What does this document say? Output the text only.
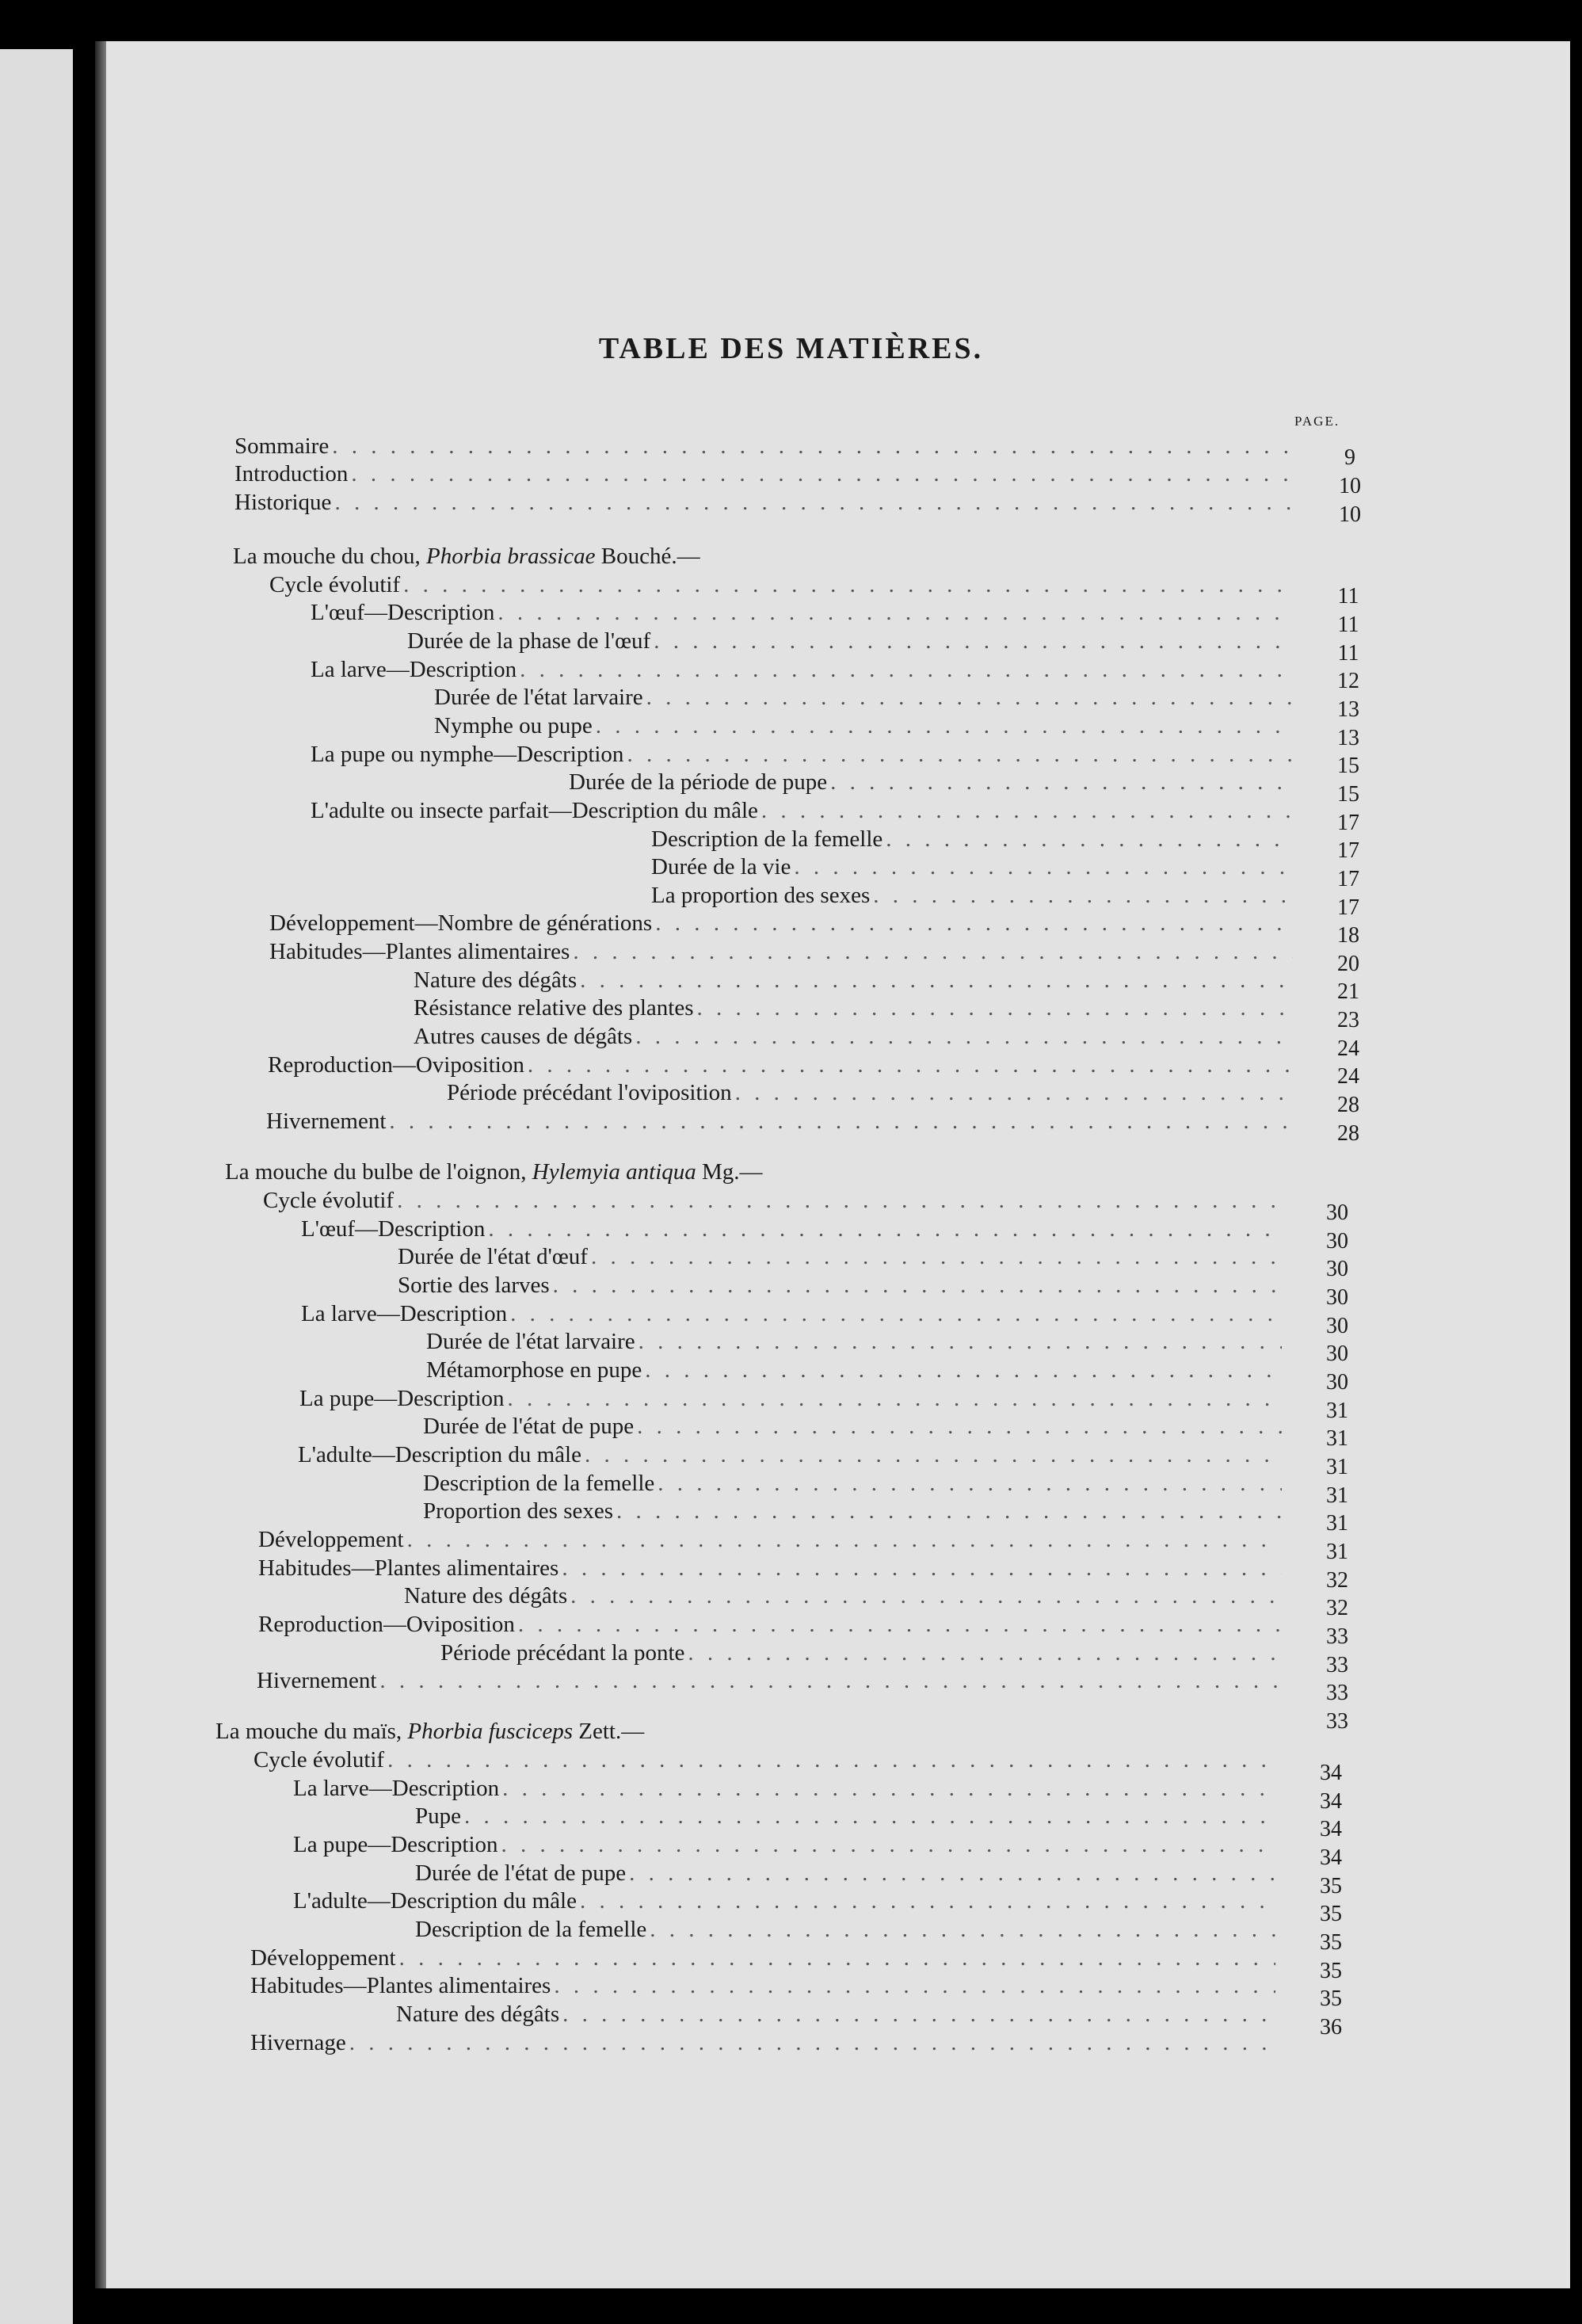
TABLE DES MATIÈRES.
PAGE.
Sommaire
. . .
Introduction
. . .
Historique
. . .
La mouche du chou, Phorbia brassicae Bouché.—
Cycle évolutif
. . .
L'œuf—Description
. . .
Durée de la phase de l'œuf
. . .
La larve—Description
. . .
Durée de l'état larvaire
. . .
Nymphe ou pupe
. . .
La pupe ou nymphe—Description
. . .
Durée de la période de pupe
. . .
L'adulte ou insecte parfait—Description du mâle
. . .
Description de la femelle
. . .
Durée de la vie
. . .
La proportion des sexes
. . .
Développement—Nombre de générations
. . .
Habitudes—Plantes alimentaires
. . .
Nature des dégâts
. . .
Résistance relative des plantes
. . .
Autres causes de dégâts
. . .
Reproduction—Oviposition
. . .
Période précédant l'oviposition
. . .
Hivernement
. . .
La mouche du bulbe de l'oignon, Hylemyia antiqua Mg.—
Cycle évolutif
. . .
L'œuf—Description
. . .
Durée de l'état d'œuf
. . .
Sortie des larves
. . .
La larve—Description
. . .
Durée de l'état larvaire
. . .
Métamorphose en pupe
. . .
La pupe—Description
. . .
Durée de l'état de pupe
. . .
L'adulte—Description du mâle
. . .
Description de la femelle
. . .
Proportion des sexes
. . .
Développement
. . .
Habitudes—Plantes alimentaires
. . .
Nature des dégâts
. . .
Reproduction—Oviposition
. . .
Période précédant la ponte
. . .
Hivernement
. . .
La mouche du maïs, Phorbia fusciceps Zett.—
Cycle évolutif
. . .
La larve—Description
. . .
Pupe
. . .
La pupe—Description
. . .
Durée de l'état de pupe
. . .
L'adulte—Description du mâle
. . .
Description de la femelle
. . .
Développement
. . .
Habitudes—Plantes alimentaires
. . .
Nature des dégâts
. . .
Hivernage
. . .
9
10
10
11
11
11
12
13
13
15
15
17
17
17
17
18
20
21
23
24
24
28
28
30
30
30
30
30
30
30
31
31
31
31
31
31
32
32
33
33
33
33
34
34
34
34
35
35
35
35
35
36
